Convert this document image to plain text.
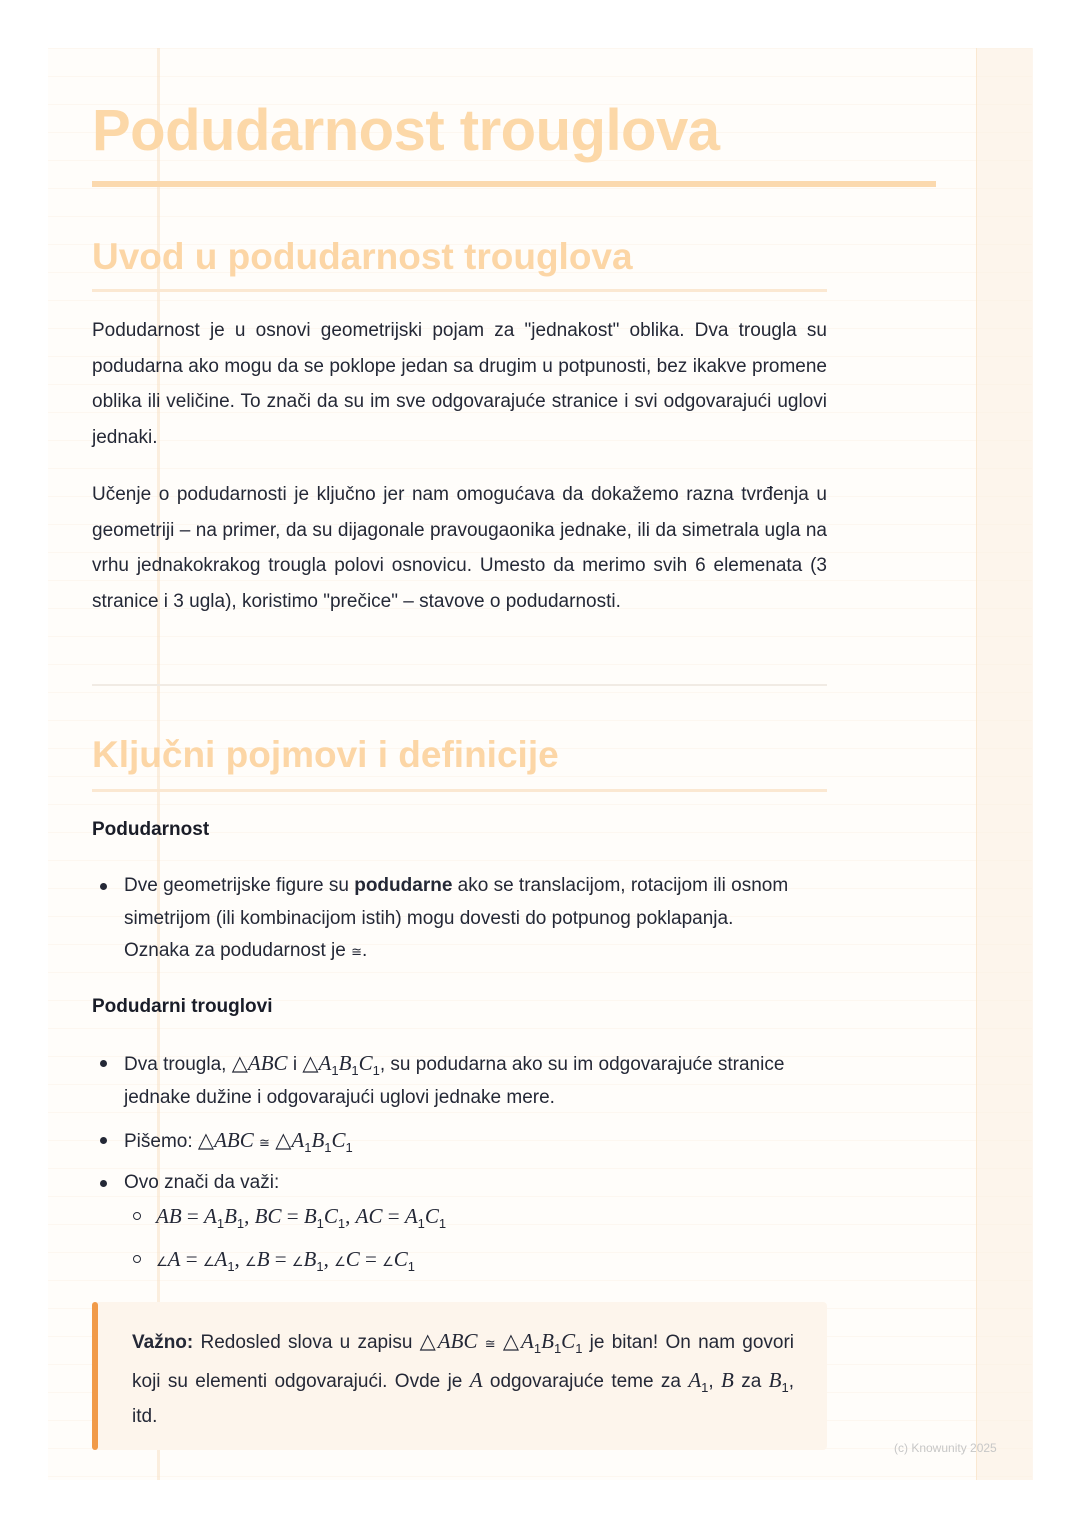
Podudarnost trouglova
Uvod u podudarnost trouglova

Podudarnost je u osnovi geometrijski pojam za "jednakost" oblika. Dva trougla su podudarna ako mogu da se poklope jedan sa drugim u potpunosti, bez ikakve promene oblika ili veličine. To znači da su im sve odgovarajuće stranice i svi odgovarajući uglovi jednaki.

Učenje o podudarnosti je ključno jer nam omogućava da dokažemo razna tvrđenja u geometriji – na primer, da su dijagonale pravougaonika jednake, ili da simetrala ugla na vrhu jednakokrakog trougla polovi osnovicu. Umesto da merimo svih 6 elemenata (3 stranice i 3 ugla), koristimo "prečice" – stavove o podudarnosti.

Ključni pojmovi i definicije
Podudarnost

Dve geometrijske figure su podudarne ako se translacijom, rotacijom ili osnom simetrijom (ili kombinacijom istih) mogu dovesti do potpunog poklapanja. Oznaka za podudarnost je ≅.

Podudarni trouglovi

Dva trougla, △ABC i $\triangle A_1B_1C_1$, su podudarna ako su im odgovarajuće stranice jednake dužine i odgovarajući uglovi jednake mere.

Pišemo: △ABC ≅ $\triangle A_1B_1C_1$

Ovo znači da važi:

AB = $A_1B_1$, BC = $B_1C_1$, AC = $A_1C_1$

∠A = $\angle A_1$, ∠B = $\angle B_1$, ∠C = $\angle C_1$

Važno: Redosled slova u zapisu △ABC ≅ $\triangle A_1B_1C_1$ je bitan! On nam govori koji su elementi odgovarajući. Ovde je A odgovarajuće teme za $A_1$, B za $B_1$, itd.

(c) Knowunity 2025
